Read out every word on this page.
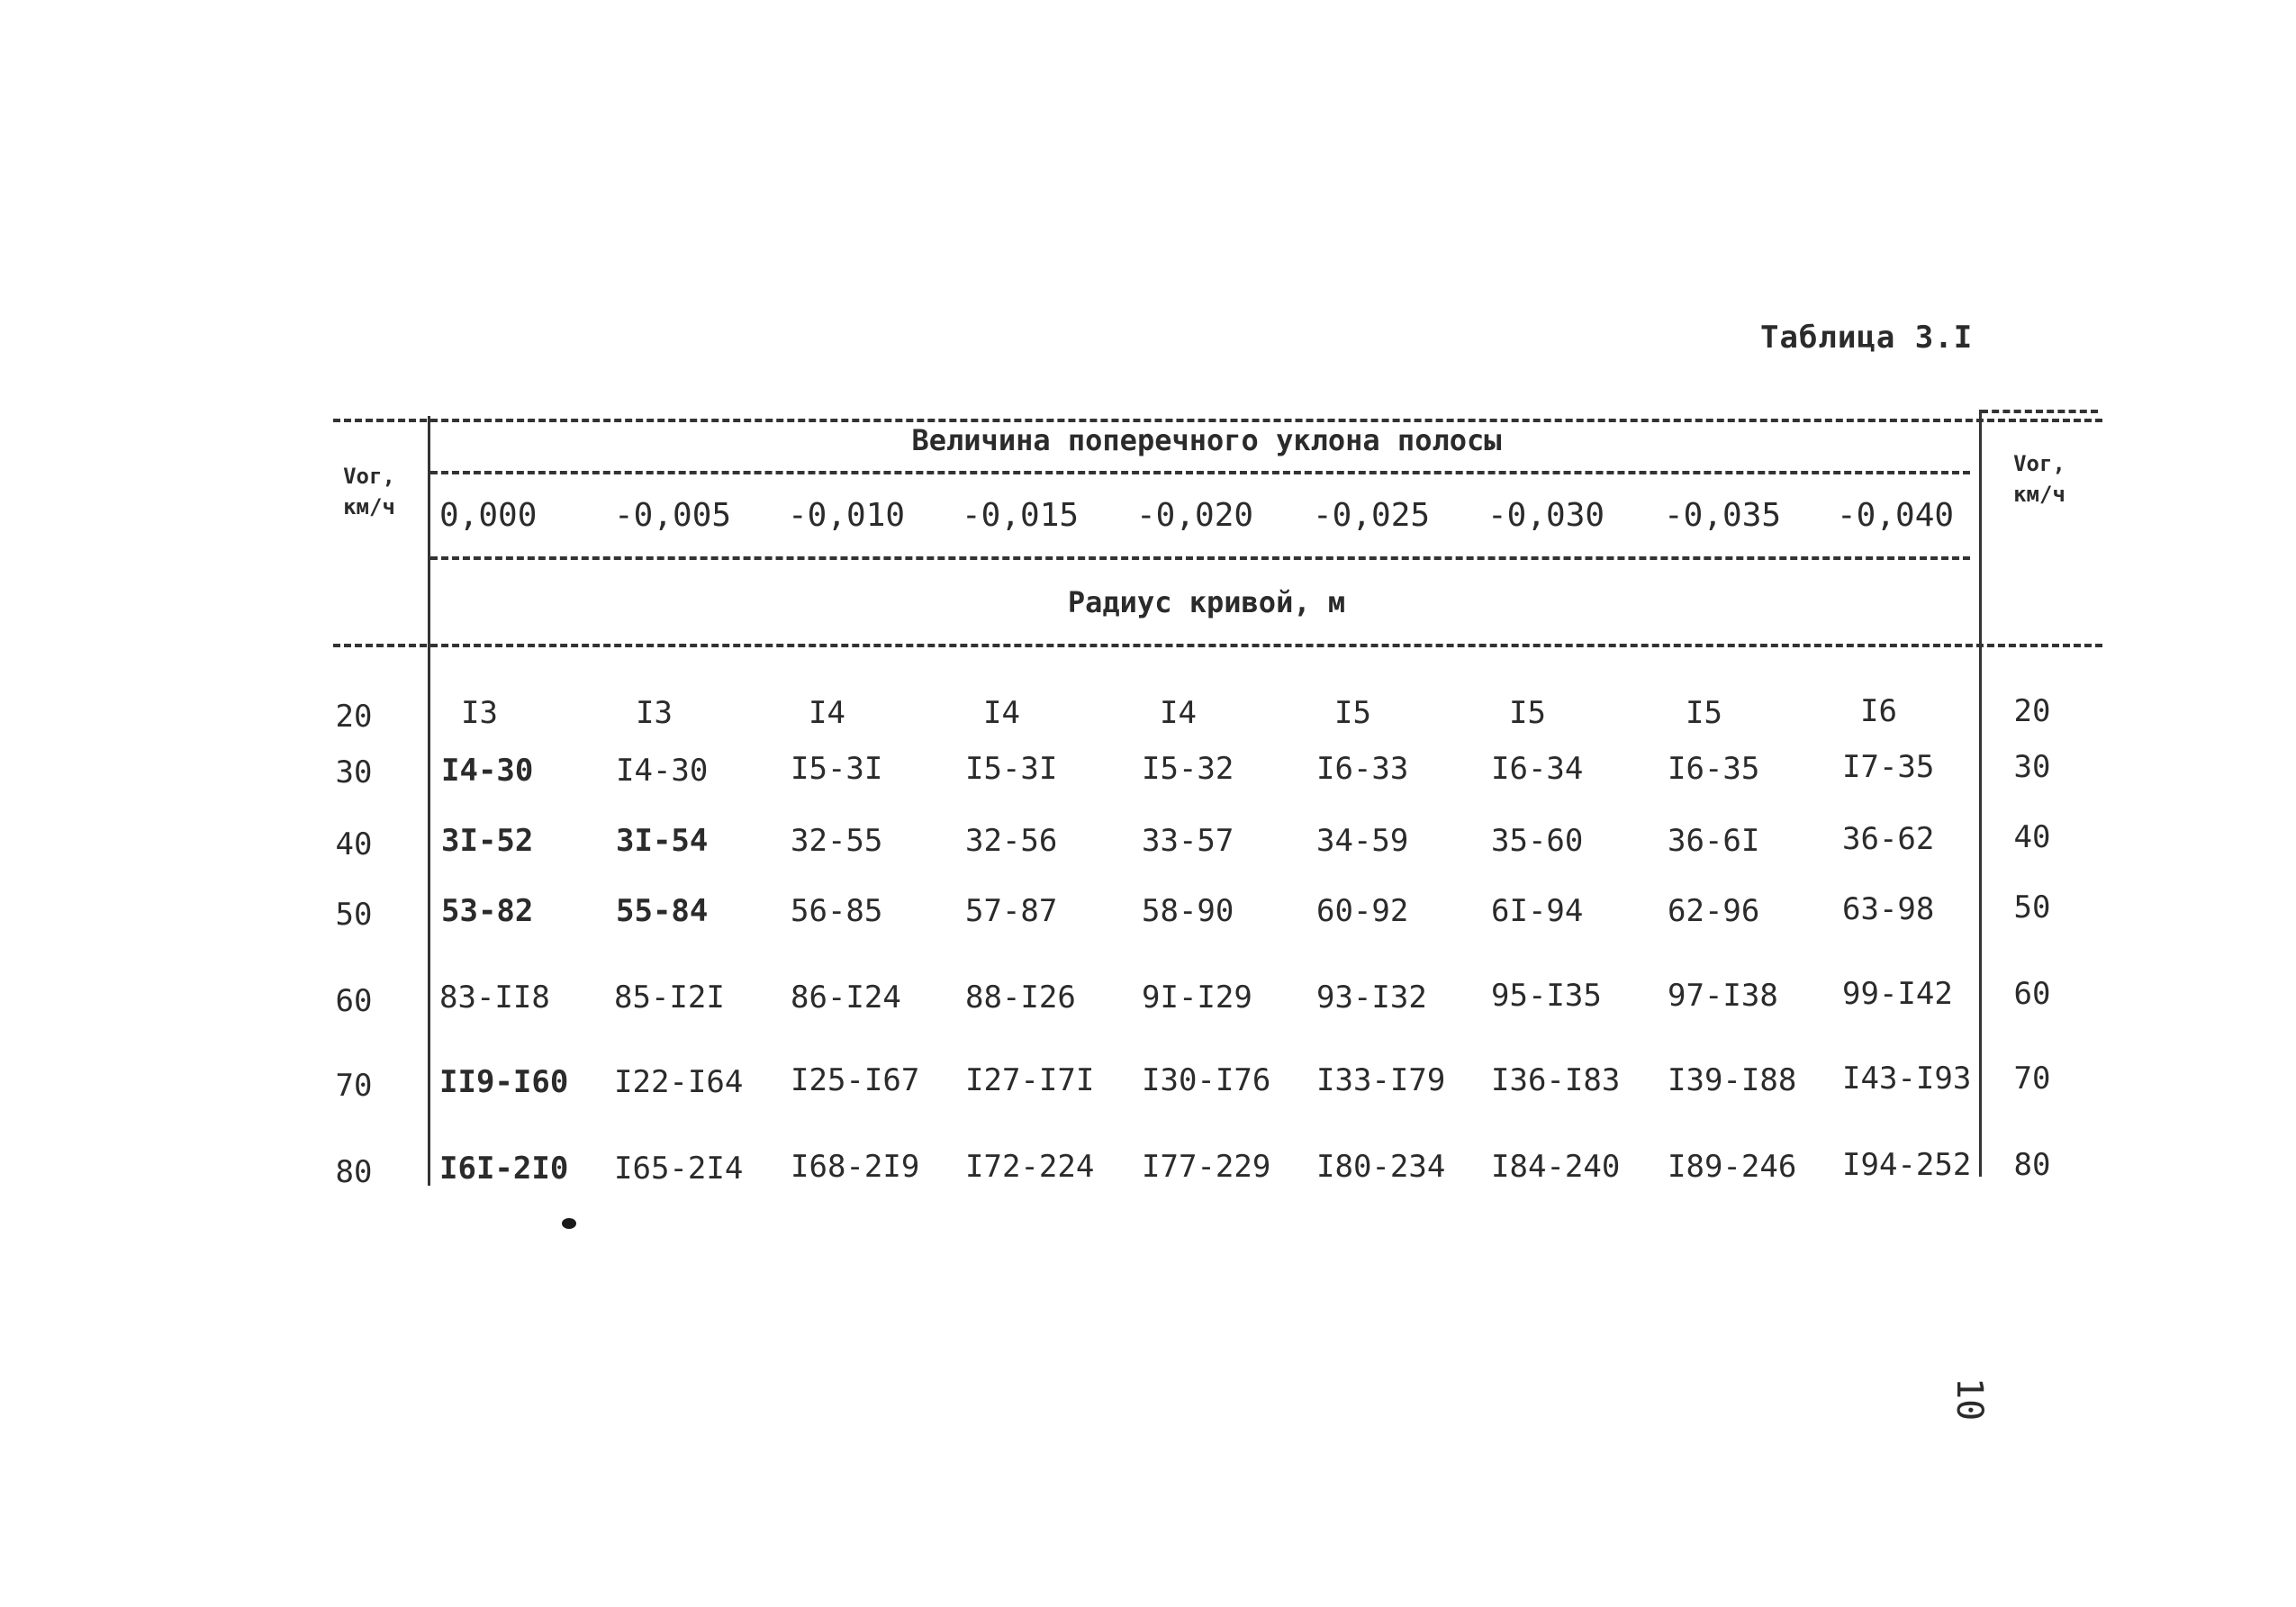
Таблица 3.I
Vог,
км/ч
Vог,
км/ч
Величина поперечного уклона полосы
0,000 -0,005 -0,010 -0,015 -0,020 -0,025 -0,030 -0,035 -0,040
Радиус кривой, м
20	I3	I3	I4	I4	I4	I5	I5	I5	I6	20
30	I4-30	I4-30	I5-3I	I5-3I	I5-32	I6-33	I6-34	I6-35	I7-35	30
40	3I-52	3I-54	32-55	32-56	33-57	34-59	35-60	36-6I	36-62	40
50	53-82	55-84	56-85	57-87	58-90	60-92	6I-94	62-96	63-98	50
60	83-II8 85-I2I 86-I24 88-I26 9I-I29 93-I32 95-I35 97-I38 99-I42	60
70	II9-I60 I22-I64 I25-I67 I27-I7I I30-I76 I33-I79 I36-I83 I39-I88 I43-I93	70
80	I6I-2I0 I65-2I4 I68-2I9 I72-224 I77-229 I80-234 I84-240 I89-246 I94-252	80
10
